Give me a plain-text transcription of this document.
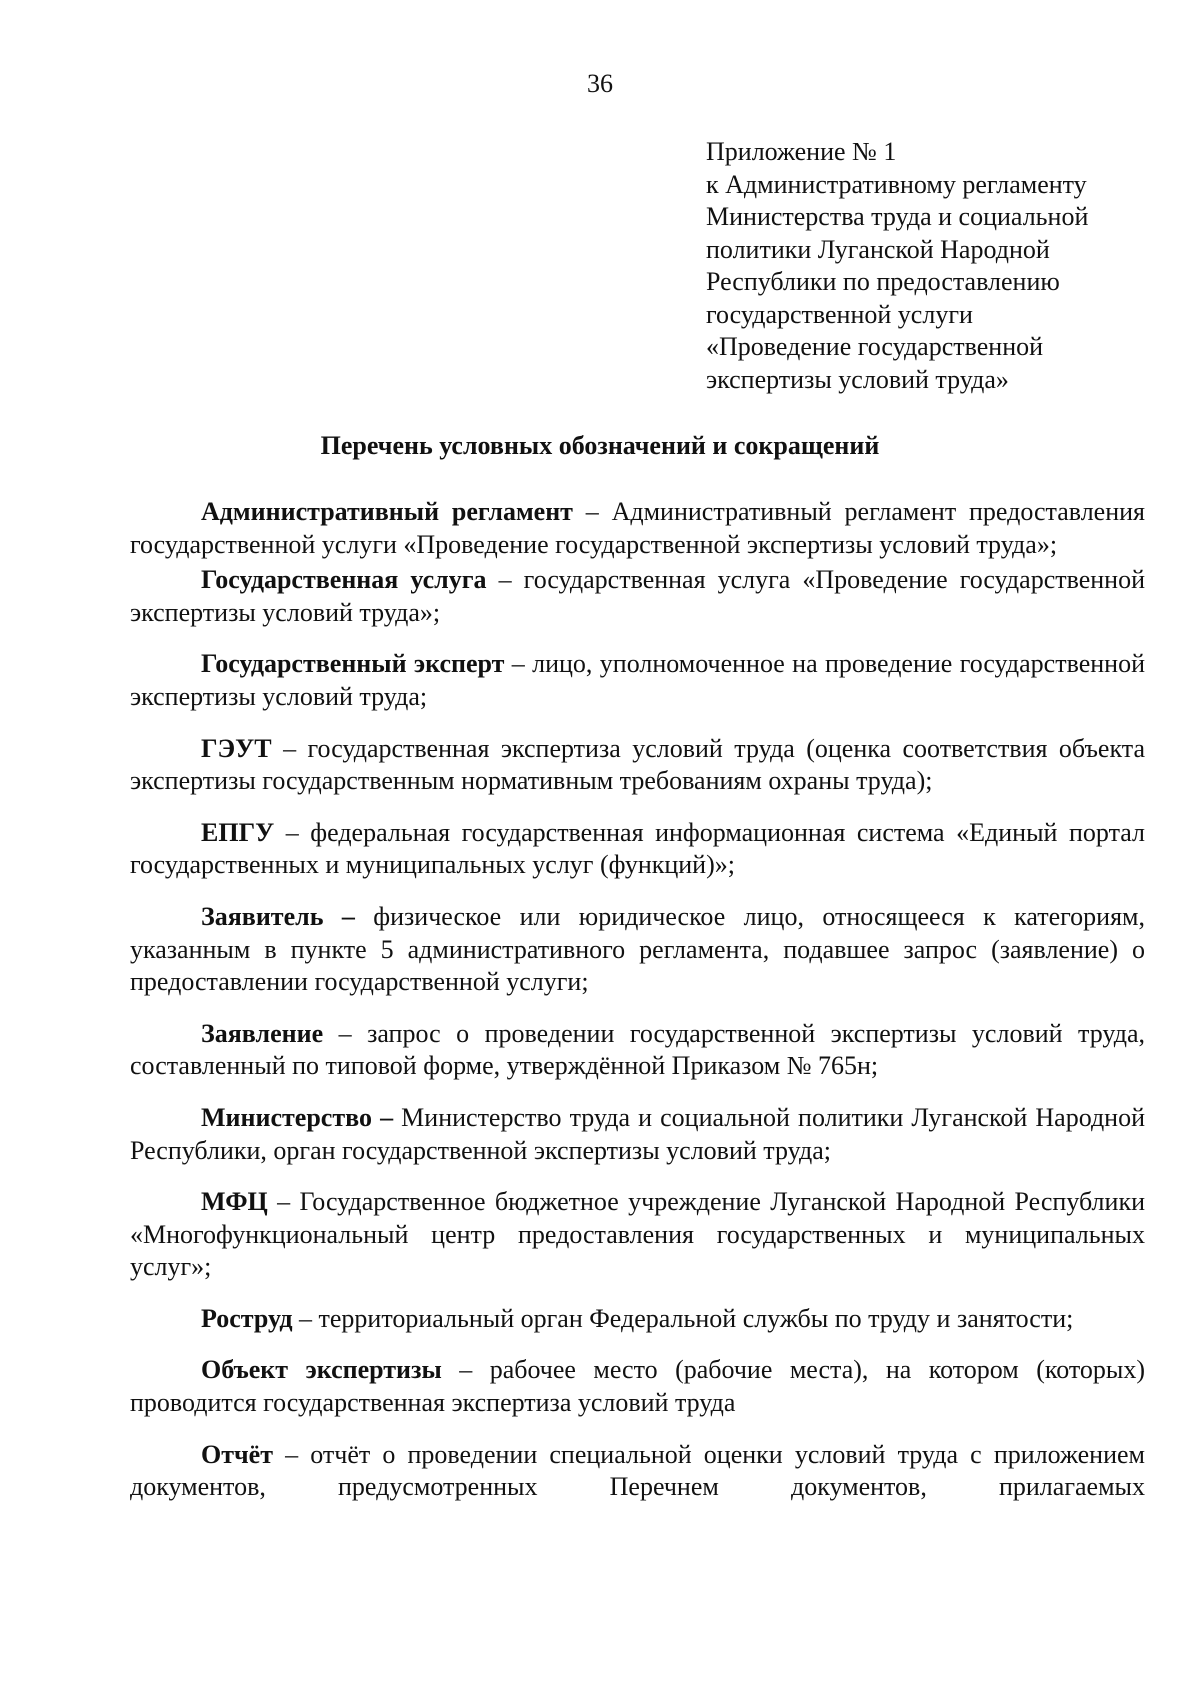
36
Приложение № 1
к Административному регламенту
Министерства труда и социальной
политики Луганской Народной
Республики по предоставлению
государственной услуги
«Проведение государственной
экспертизы условий труда»
Перечень условных обозначений и сокращений

Административный регламент – Административный регламент предоставления государственной услуги «Проведение государственной экспертизы условий труда»;

Государственная услуга – государственная услуга «Проведение государственной экспертизы условий труда»;

Государственный эксперт – лицо, уполномоченное на проведение государственной экспертизы условий труда;

ГЭУТ – государственная экспертиза условий труда (оценка соответствия объекта экспертизы государственным нормативным требованиям охраны труда);

ЕПГУ – федеральная государственная информационная система «Единый портал государственных и муниципальных услуг (функций)»;

Заявитель – физическое или юридическое лицо, относящееся к категориям, указанным в пункте 5 административного регламента, подавшее запрос (заявление) о предоставлении государственной услуги;

Заявление – запрос о проведении государственной экспертизы условий труда, составленный по типовой форме, утверждённой Приказом № 765н;

Министерство – Министерство труда и социальной политики Луганской Народной Республики, орган государственной экспертизы условий труда;

МФЦ – Государственное бюджетное учреждение Луганской Народной Республики «Многофункциональный центр предоставления государственных и муниципальных услуг»;

Роструд – территориальный орган Федеральной службы по труду и занятости;

Объект экспертизы – рабочее место (рабочие места), на котором (которых) проводится государственная экспертиза условий труда

Отчёт – отчёт о проведении специальной оценки условий труда с приложением документов, предусмотренных Перечнем документов, прилагаемых
